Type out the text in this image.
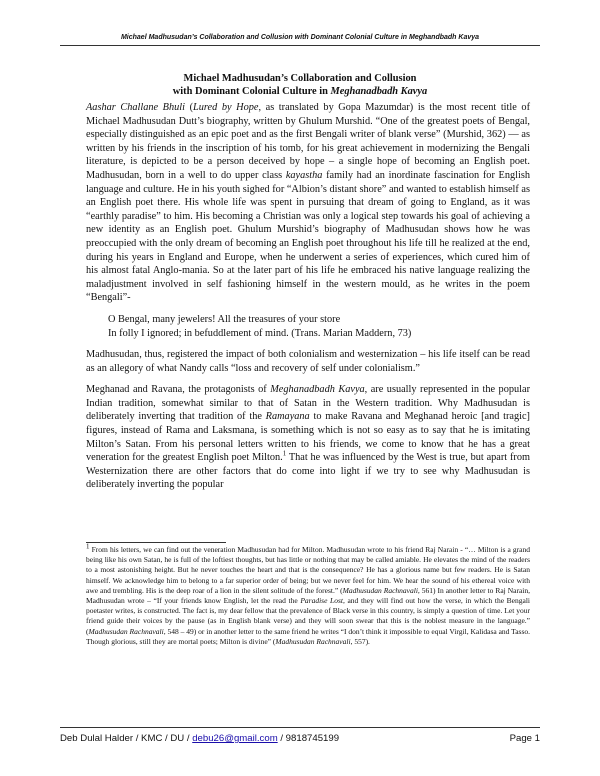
Michael Madhusudan’s Collaboration and Collusion with Dominant Colonial Culture in Meghandbadh Kavya
Michael Madhusudan’s Collaboration and Collusion
with Dominant Colonial Culture in Meghanadbadh Kavya

Aashar Challane Bhuli (Lured by Hope, as translated by Gopa Mazumdar) is the most recent title of Michael Madhusudan Dutt’s biography, written by Ghulum Murshid. “One of the greatest poets of Bengal, especially distinguished as an epic poet and as the first Bengali writer of blank verse” (Murshid, 362) — as written by his friends in the inscription of his tomb, for his great achievement in modernizing the Bengali literature, is depicted to be a person deceived by hope – a single hope of becoming an English poet. Madhusudan, born in a well to do upper class kayastha family had an inordinate fascination for English language and culture. He in his youth sighed for “Albion’s distant shore” and wanted to establish himself as an English poet there. His whole life was spent in pursuing that dream of going to England, as it was “earthly paradise” to him. His becoming a Christian was only a logical step towards his goal of achieving a new identity as an English poet. Ghulum Murshid’s biography of Madhusudan shows how he was preoccupied with the only dream of becoming an English poet throughout his life till he realized at the end, during his years in England and Europe, when he underwent a series of experiences, which cured him of his almost fatal Anglo-mania. So at the later part of his life he embraced his native language realizing the maladjustment involved in self fashioning himself in the western mould, as he writes in the poem “Bengali”-

O Bengal, many jewelers! All the treasures of your store
In folly I ignored; in befuddlement of mind. (Trans. Marian Maddern, 73)

Madhusudan, thus, registered the impact of both colonialism and westernization – his life itself can be read as an allegory of what Nandy calls “loss and recovery of self under colonialism.”

Meghanad and Ravana, the protagonists of Meghanadbadh Kavya, are usually represented in the popular Indian tradition, somewhat similar to that of Satan in the Western tradition. Why Madhusudan is deliberately inverting that tradition of the Ramayana to make Ravana and Meghanad heroic [and tragic] figures, instead of Rama and Laksmana, is something which is not so easy as to say that he is imitating Milton’s Satan. From his personal letters written to his friends, we come to know that he has a great veneration for the greatest English poet Milton.$^1$ That he was influenced by the West is true, but apart from Westernization there are other factors that do come into light if we try to see why Madhusudan is deliberately inverting the popular

$^1$ From his letters, we can find out the veneration Madhusudan had for Milton. Madhusudan wrote to his friend Raj Narain - “… Milton is a grand being like his own Satan, he is full of the loftiest thoughts, but has little or nothing that may be called amiable. He elevates the mind of the readers to a most astonishing height. But he never touches the heart and that is the consequence? He has a glorious name but few readers. He is Satan himself. We acknowledge him to belong to a far superior order of being; but we never feel for him. We hear the sound of his ethereal voice with awe and trembling. His is the deep roar of a lion in the silent solitude of the forest.” (Madhusudan Rachnavali, 561) In another letter to Raj Narain, Madhusudan wrote – “If your friends know English, let the read the Paradise Lost, and they will find out how the verse, in which the Bengali poetaster writes, is constructed. The fact is, my dear fellow that the prevalence of Black verse in this country, is simply a question of time. Let your friend guide their voices by the pause (as in English blank verse) and they will soon swear that this is the noblest measure in the language.” (Madhusudan Rachnavali, 548 – 49) or in another letter to the same friend he writes “I don’t think it impossible to equal Virgil, Kalidasa and Tasso. Though glorious, still they are mortal poets; Milton is divine” (Madhusudan Rachnavali, 557).
Deb Dulal Halder / KMC / DU / debu26@gmail.com / 9818745199	Page 1
